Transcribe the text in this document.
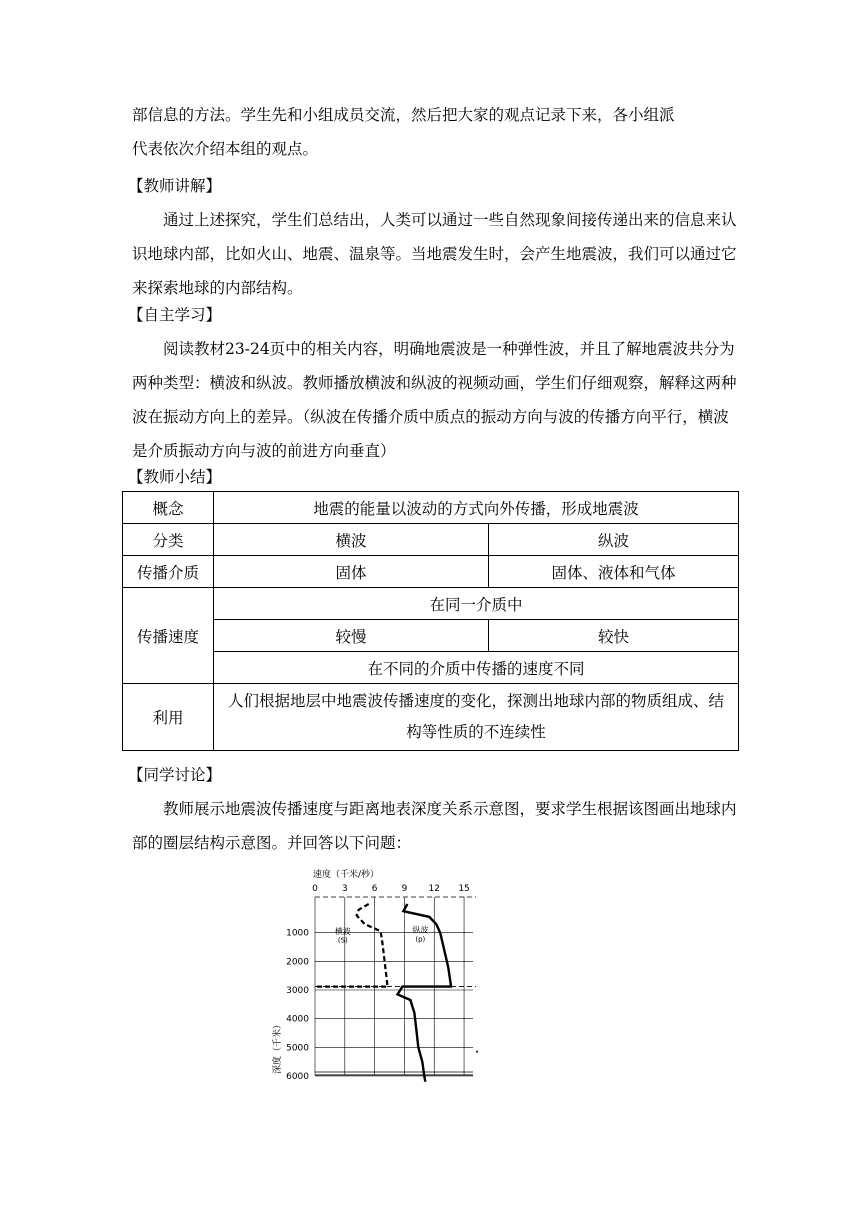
部信息的方法。学生先和小组成员交流，然后把大家的观点记录下来，各小组派

代表依次介绍本组的观点。

【教师讲解】

通过上述探究，学生们总结出，人类可以通过一些自然现象间接传递出来的信息来认识地球内部，比如火山、地震、温泉等。当地震发生时，会产生地震波，我们可以通过它来探索地球的内部结构。

【自主学习】

阅读教材23-24页中的相关内容，明确地震波是一种弹性波，并且了解地震波共分为两种类型：横波和纵波。教师播放横波和纵波的视频动画，学生们仔细观察，解释这两种波在振动方向上的差异。（纵波在传播介质中质点的振动方向与波的传播方向平行，横波是介质振动方向与波的前进方向垂直）

【教师小结】

概念	地震的能量以波动的方式向外传播，形成地震波	
分类	横波	纵波
传播介质	固体	固体、液体和气体
传播速度	在同一介质中	
	较慢	较快
	在不同的介质中传播的速度不同	
利用	人们根据地层中地震波传播速度的变化，探测出地球内部的物质组成、结构等性质的不连续性	

【同学讨论】

教师展示地震波传播速度与距离地表深度关系示意图，要求学生根据该图画出地球内部的圈层结构示意图。并回答以下问题：

速度（千米/秒）
0	3	6	9 12 15
1000
2000
3000
4000
5000
6000
深度（千米）
横波
(S)
纵波
(p)
